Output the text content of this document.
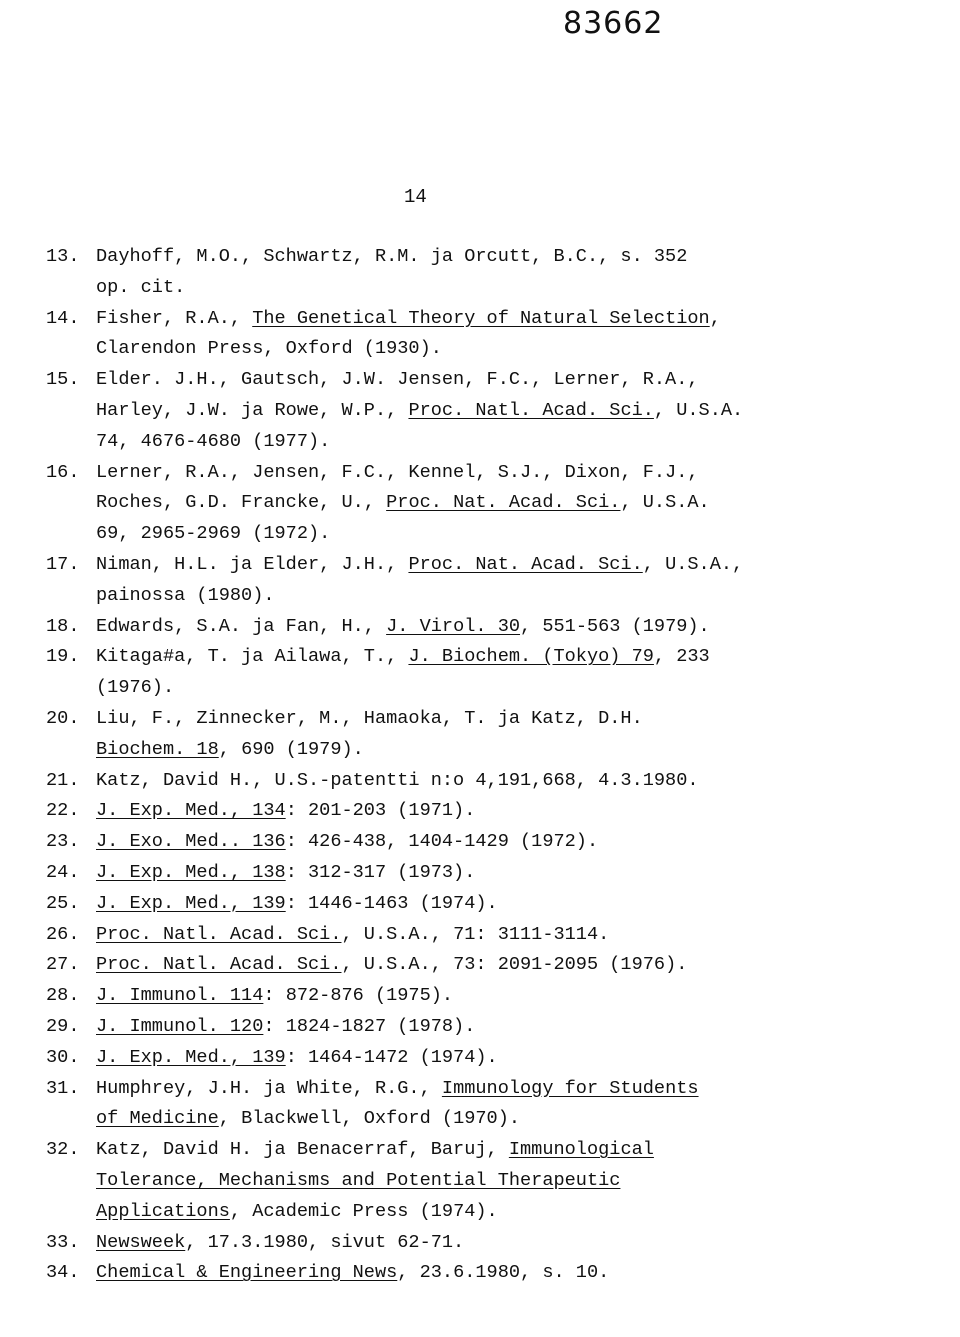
14
83662
13. Dayhoff, M.O., Schwartz, R.M. ja Orcutt, B.C., s. 352
op. cit.
14. Fisher, R.A., The Genetical Theory of Natural Selection,
Clarendon Press, Oxford (1930).
15. Elder. J.H., Gautsch, J.W. Jensen, F.C., Lerner, R.A.,
Harley, J.W. ja Rowe, W.P., Proc. Natl. Acad. Sci., U.S.A.
74, 4676-4680 (1977).
16. Lerner, R.A., Jensen, F.C., Kennel, S.J., Dixon, F.J.,
Roches, G.D. Francke, U., Proc. Nat. Acad. Sci., U.S.A.
69, 2965-2969 (1972).
17. Niman, H.L. ja Elder, J.H., Proc. Nat. Acad. Sci., U.S.A.,
painossa (1980).
18. Edwards, S.A. ja Fan, H., J. Virol. 30, 551-563 (1979).
19. Kitaga#a, T. ja Ailawa, T., J. Biochem. (Tokyo) 79, 233
(1976).
20. Liu, F., Zinnecker, M., Hamaoka, T. ja Katz, D.H.
Biochem. 18, 690 (1979).
21. Katz, David H., U.S.-patentti n:o 4,191,668, 4.3.1980.
22. J. Exp. Med., 134: 201-203 (1971).
23. J. Exo. Med.. 136: 426-438, 1404-1429 (1972).
24. J. Exp. Med., 138: 312-317 (1973).
25. J. Exp. Med., 139: 1446-1463 (1974).
26. Proc. Natl. Acad. Sci., U.S.A., 71: 3111-3114.
27. Proc. Natl. Acad. Sci., U.S.A., 73: 2091-2095 (1976).
28. J. Immunol. 114: 872-876 (1975).
29. J. Immunol. 120: 1824-1827 (1978).
30. J. Exp. Med., 139: 1464-1472 (1974).
31. Humphrey, J.H. ja White, R.G., Immunology for Students
of Medicine, Blackwell, Oxford (1970).
32. Katz, David H. ja Benacerraf, Baruj, Immunological
Tolerance, Mechanisms and Potential Therapeutic
Applications, Academic Press (1974).
33. Newsweek, 17.3.1980, sivut 62-71.
34. Chemical & Engineering News, 23.6.1980, s. 10.
